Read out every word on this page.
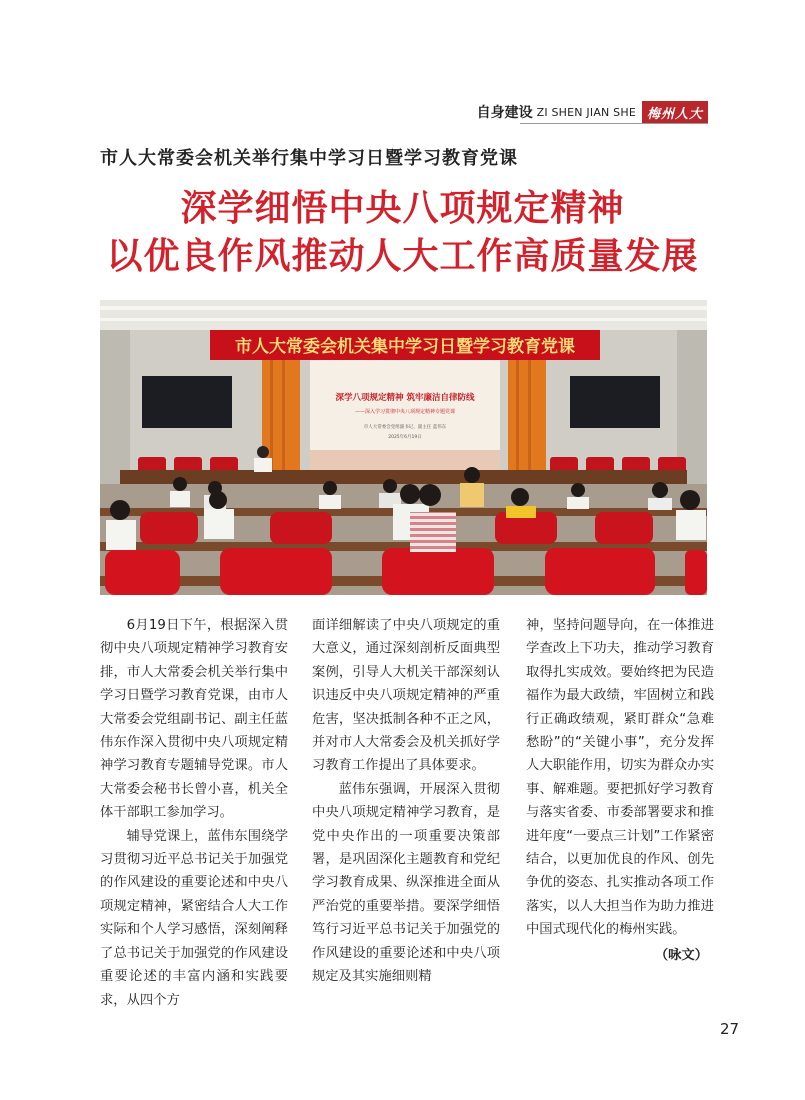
自身建设 ZI SHEN JIAN SHE 梅州人大
市人大常委会机关举行集中学习日暨学习教育党课
深学细悟中央八项规定精神
以优良作风推动人大工作高质量发展
市人大常委会机关集中学习日暨学习教育党课
深学八项规定精神 筑牢廉洁自律防线
——深入学习贯彻中央八项规定精神专题党课
市人大常委会党组副书记、副主任 蓝伟东
2025年6月19日

6月19日下午，根据深入贯彻中央八项规定精神学习教育安排，市人大常委会机关举行集中学习日暨学习教育党课，由市人大常委会党组副书记、副主任蓝伟东作深入贯彻中央八项规定精神学习教育专题辅导党课。市人大常委会秘书长曾小喜，机关全体干部职工参加学习。

辅导党课上，蓝伟东围绕学习贯彻习近平总书记关于加强党的作风建设的重要论述和中央八项规定精神，紧密结合人大工作实际和个人学习感悟，深刻阐释了总书记关于加强党的作风建设重要论述的丰富内涵和实践要求，从四个方

面详细解读了中央八项规定的重大意义，通过深刻剖析反面典型案例，引导人大机关干部深刻认识违反中央八项规定精神的严重危害，坚决抵制各种不正之风，并对市人大常委会及机关抓好学习教育工作提出了具体要求。

蓝伟东强调，开展深入贯彻中央八项规定精神学习教育，是党中央作出的一项重要决策部署，是巩固深化主题教育和党纪学习教育成果、纵深推进全面从严治党的重要举措。要深学细悟笃行习近平总书记关于加强党的作风建设的重要论述和中央八项规定及其实施细则精

神，坚持问题导向，在一体推进学查改上下功夫，推动学习教育取得扎实成效。要始终把为民造福作为最大政绩，牢固树立和践行正确政绩观，紧盯群众“急难愁盼”的“关键小事”，充分发挥人大职能作用，切实为群众办实事、解难题。要把抓好学习教育与落实省委、市委部署要求和推进年度“一要点三计划”工作紧密结合，以更加优良的作风、创先争优的姿态、扎实推动各项工作落实，以人大担当作为助力推进中国式现代化的梅州实践。

（咏文）
27
